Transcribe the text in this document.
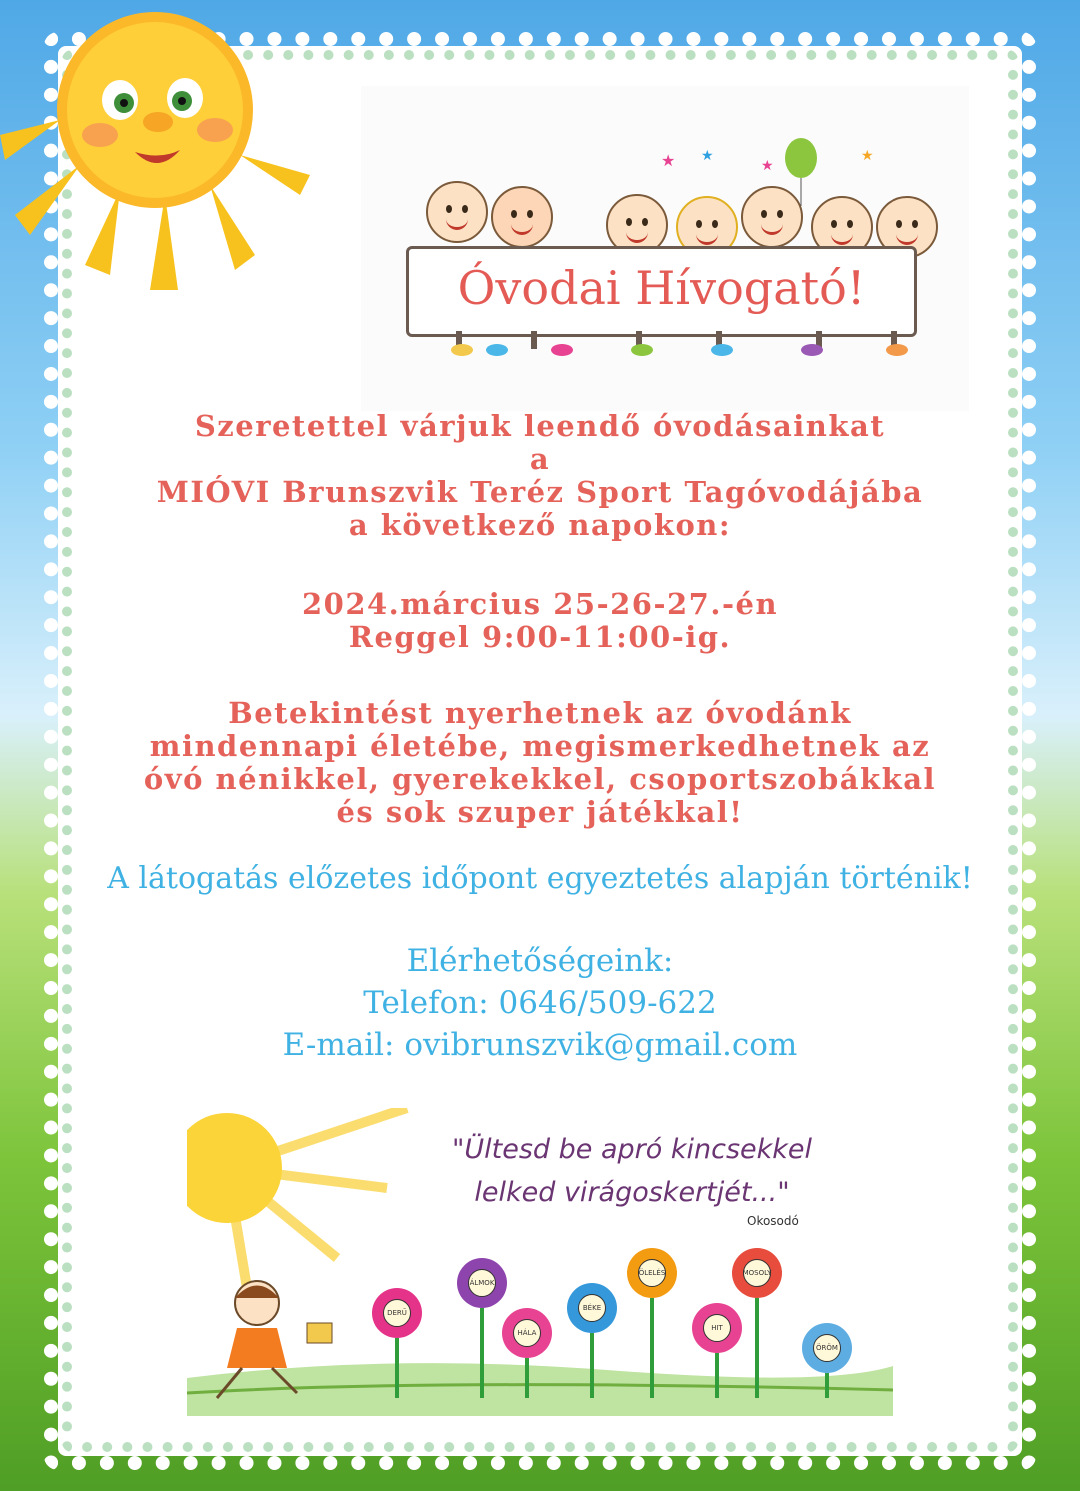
★ ★
★
★
Óvodai Hívogató!
Szeretettel várjuk leendő óvodásainkat
a
MIÓVI Brunszvik Teréz Sport Tagóvodájába
a következő napokon:
2024.március 25-26-27.-én
Reggel 9:00-11:00-ig.
Betekintést nyerhetnek az óvodánk
mindennapi életébe, megismerkedhetnek az
óvó nénikkel, gyerekekkel, csoportszobákkal
és sok szuper játékkal!
A látogatás előzetes időpont egyeztetés alapján történik!
Elérhetőségeink:
Telefon: 0646/509-622
E-mail: ovibrunszvik@gmail.com
"Ültesd be apró kincsekkel
lelked virágoskertjét..."
Okosodó
DERŰ
ÁLMOK
HÁLA
BÉKE
ÖLELÉS
HIT
MOSOLY
ÖRÖM
